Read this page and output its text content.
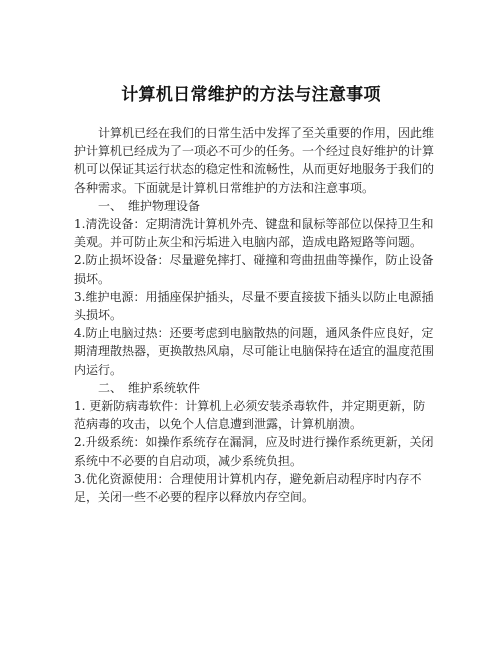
计算机日常维护的方法与注意事项

计算机已经在我们的日常生活中发挥了至关重要的作用，因此维护计算机已经成为了一项必不可少的任务。一个经过良好维护的计算机可以保证其运行状态的稳定性和流畅性，从而更好地服务于我们的各种需求。下面就是计算机日常维护的方法和注意事项。

一、　维护物理设备

1.清洗设备：定期清洗计算机外壳、键盘和鼠标等部位以保持卫生和美观。并可防止灰尘和污垢进入电脑内部，造成电路短路等问题。

2.防止损坏设备：尽量避免摔打、碰撞和弯曲扭曲等操作，防止设备损坏。

3.维护电源：用插座保护插头，尽量不要直接拔下插头以防止电源插头损坏。

4.防止电脑过热：还要考虑到电脑散热的问题，通风条件应良好，定期清理散热器，更换散热风扇，尽可能让电脑保持在适宜的温度范围内运行。

二、　维护系统软件

1. 更新防病毒软件：计算机上必须安装杀毒软件，并定期更新，防范病毒的攻击，以免个人信息遭到泄露，计算机崩溃。

2.升级系统：如操作系统存在漏洞，应及时进行操作系统更新，关闭系统中不必要的自启动项，减少系统负担。

3.优化资源使用：合理使用计算机内存，避免新启动程序时内存不足，关闭一些不必要的程序以释放内存空间。
